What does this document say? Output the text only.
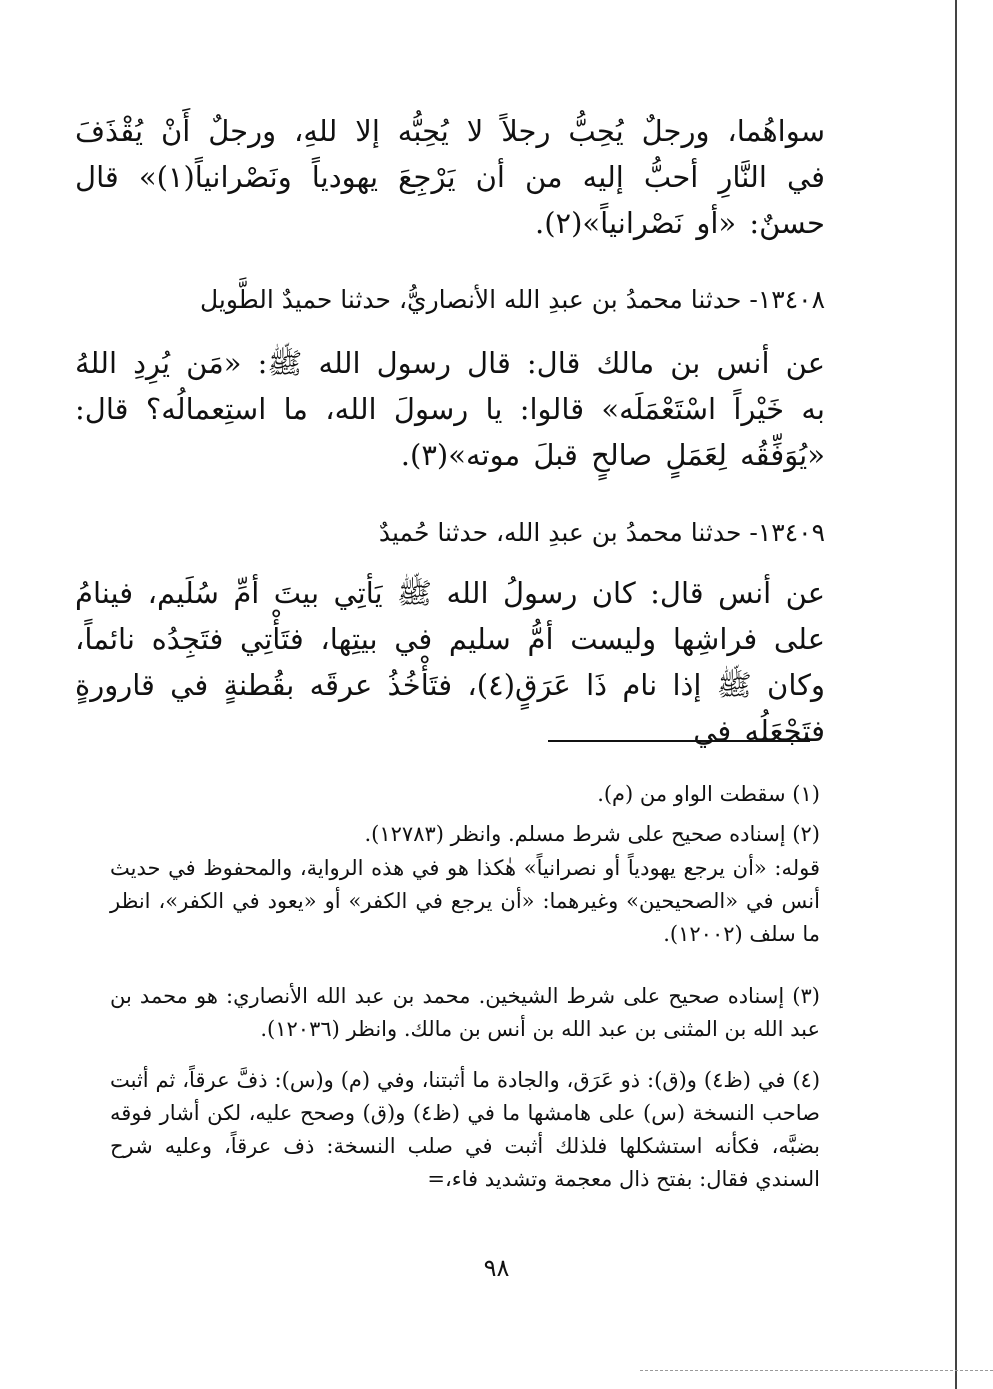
سواهُما، ورجلٌ يُحِبُّ رجلاً لا يُحِبُّه إلا للهِ، ورجلٌ أَنْ يُقْذَفَ في النَّارِ أحبُّ إليه من أن يَرْجِعَ يهودياً ونَصْرانياً(١)» قال حسنٌ: «أو نَصْرانياً»(٢).

١٣٤٠٨- حدثنا محمدُ بن عبدِ الله الأنصاريُّ، حدثنا حميدٌ الطَّويل

عن أنس بن مالك قال: قال رسول الله ﷺ: «مَن يُرِدِ اللهُ به خَيْراً اسْتَعْمَلَه» قالوا: يا رسولَ الله، ما استِعمالُه؟ قال: «يُوَفِّقُه لِعَمَلٍ صالحٍ قبلَ موته»(٣).

١٣٤٠٩- حدثنا محمدُ بن عبدِ الله، حدثنا حُميدٌ

عن أنس قال: كان رسولُ الله ﷺ يَأتِي بيتَ أمِّ سُلَيم، فينامُ على فراشِها وليست أمُّ سليم في بيتِها، فتَأْتِي فتَجِدُه نائماً، وكان ﷺ إذا نام ذَا عَرَقٍ(٤)، فتَأْخُذُ عرقَه بقُطنةٍ في قارورةٍ فتَجْعَلُه في

(١) سقطت الواو من (م).

(٢) إسناده صحيح على شرط مسلم. وانظر (١٢٧٨٣).

قوله: «أن يرجع يهودياً أو نصرانياً» هٰكذا هو في هذه الرواية، والمحفوظ في حديث أنس في «الصحيحين» وغيرهما: «أن يرجع في الكفر» أو «يعود في الكفر»، انظر ما سلف (١٢٠٠٢).

(٣) إسناده صحيح على شرط الشيخين. محمد بن عبد الله الأنصاري: هو محمد بن عبد الله بن المثنى بن عبد الله بن أنس بن مالك. وانظر (١٢٠٣٦).

(٤) في (ظ٤) و(ق): ذو عَرَق، والجادة ما أثبتنا، وفي (م) و(س): ذفَّ عرقاً، ثم أثبت صاحب النسخة (س) على هامشها ما في (ظ٤) و(ق) وصحح عليه، لكن أشار فوقه بضبَّه، فكأنه استشكلها فلذلك أثبت في صلب النسخة: ذف عرقاً، وعليه شرح السندي فقال: بفتح ذال معجمة وتشديد فاء،=

٩٨
